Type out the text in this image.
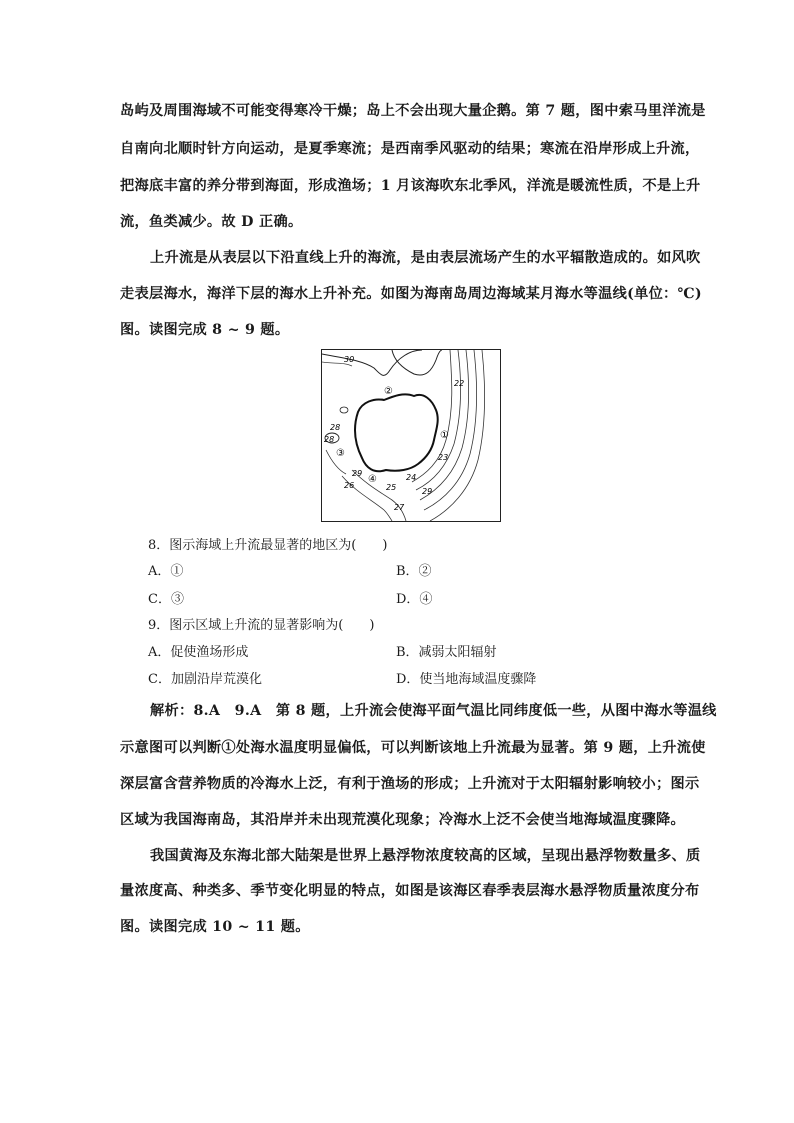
岛屿及周围海域不可能变得寒冷干燥；岛上不会出现大量企鹅。第 7 题，图中索马里洋流是
自南向北顺时针方向运动，是夏季寒流；是西南季风驱动的结果；寒流在沿岸形成上升流，
把海底丰富的养分带到海面，形成渔场；1 月该海吹东北季风，洋流是暖流性质，不是上升
流，鱼类减少。故 D 正确。
上升流是从表层以下沿直线上升的海流，是由表层流场产生的水平辐散造成的。如风吹
走表层海水，海洋下层的海水上升补充。如图为海南岛周边海域某月海水等温线(单位：℃)
图。读图完成 8 ~ 9 题。
30
28
26	25
24
23
22
27
29
28
29
①
②
③
④
8．图示海域上升流最显著的地区为(　　)
A．①	B．②
C．③	D．④
9．图示区域上升流的显著影响为(　　)
A．促使渔场形成	B．减弱太阳辐射
C．加剧沿岸荒漠化	D．使当地海域温度骤降
解析：8.A　9.A　第 8 题，上升流会使海平面气温比同纬度低一些，从图中海水等温线
示意图可以判断①处海水温度明显偏低，可以判断该地上升流最为显著。第 9 题，上升流使
深层富含营养物质的冷海水上泛，有利于渔场的形成；上升流对于太阳辐射影响较小；图示
区域为我国海南岛，其沿岸并未出现荒漠化现象；冷海水上泛不会使当地海域温度骤降。
我国黄海及东海北部大陆架是世界上悬浮物浓度较高的区域，呈现出悬浮物数量多、质
量浓度高、种类多、季节变化明显的特点，如图是该海区春季表层海水悬浮物质量浓度分布
图。读图完成 10 ~ 11 题。
